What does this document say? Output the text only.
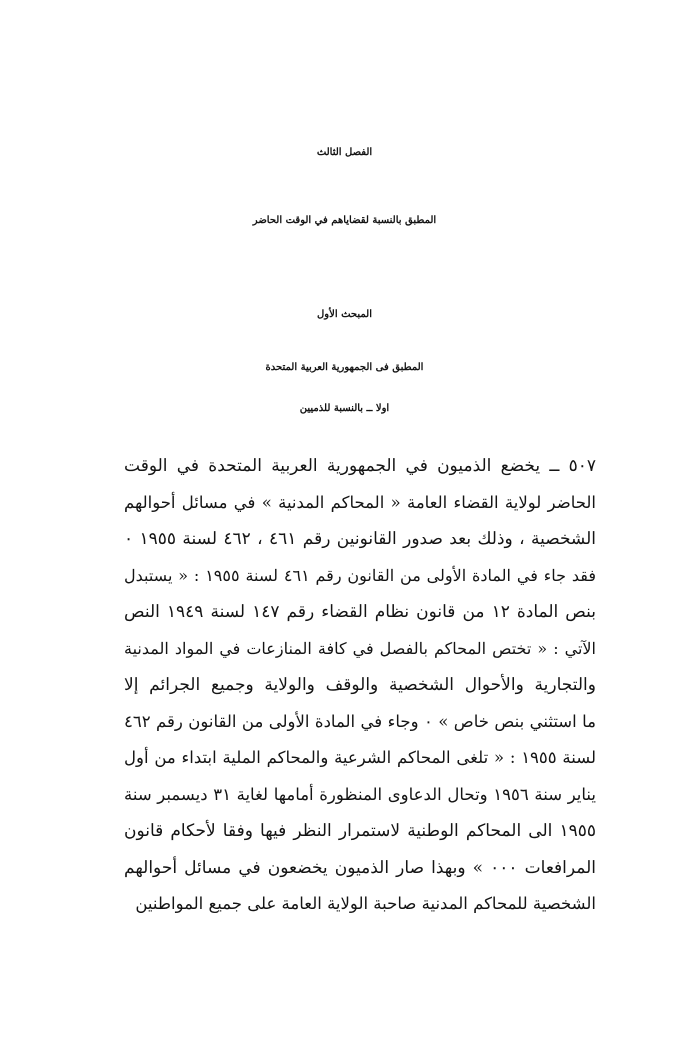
الفصل الثالث
المطبق بالنسبة لقضاياهم في الوقت الحاضر
المبحث الأول
المطبق فى الجمهورية العربية المتحدة
اولا ــ بالنسبة للذميين
٥٠٧ ــ يخضع الذميون في الجمهورية العربية المتحدة في الوقت
الحاضر لولاية القضاء العامة « المحاكم المدنية » في مسائل أحوالهم
الشخصية ، وذلك بعد صدور القانونين رقم ٤٦١ ، ٤٦٢ لسنة ١٩٥٥ ٠
فقد جاء في المادة الأولى من القانون رقم ٤٦١ لسنة ١٩٥٥ : « يستبدل
بنص المادة ١٢ من قانون نظام القضاء رقم ١٤٧ لسنة ١٩٤٩ النص
الآتي : « تختص المحاكم بالفصل في كافة المنازعات في المواد المدنية
والتجارية والأحوال الشخصية والوقف والولاية وجميع الجرائم إلا
ما استثني بنص خاص » ٠ وجاء في المادة الأولى من القانون رقم ٤٦٢
لسنة ١٩٥٥ : « تلغى المحاكم الشرعية والمحاكم الملية ابتداء من أول
يناير سنة ١٩٥٦ وتحال الدعاوى المنظورة أمامها لغاية ٣١ ديسمبر سنة
١٩٥٥ الى المحاكم الوطنية لاستمرار النظر فيها وفقا لأحكام قانون
المرافعات ٠٠٠ » وبهذا صار الذميون يخضعون في مسائل أحوالهم
الشخصية للمحاكم المدنية صاحبة الولاية العامة على جميع المواطنين
